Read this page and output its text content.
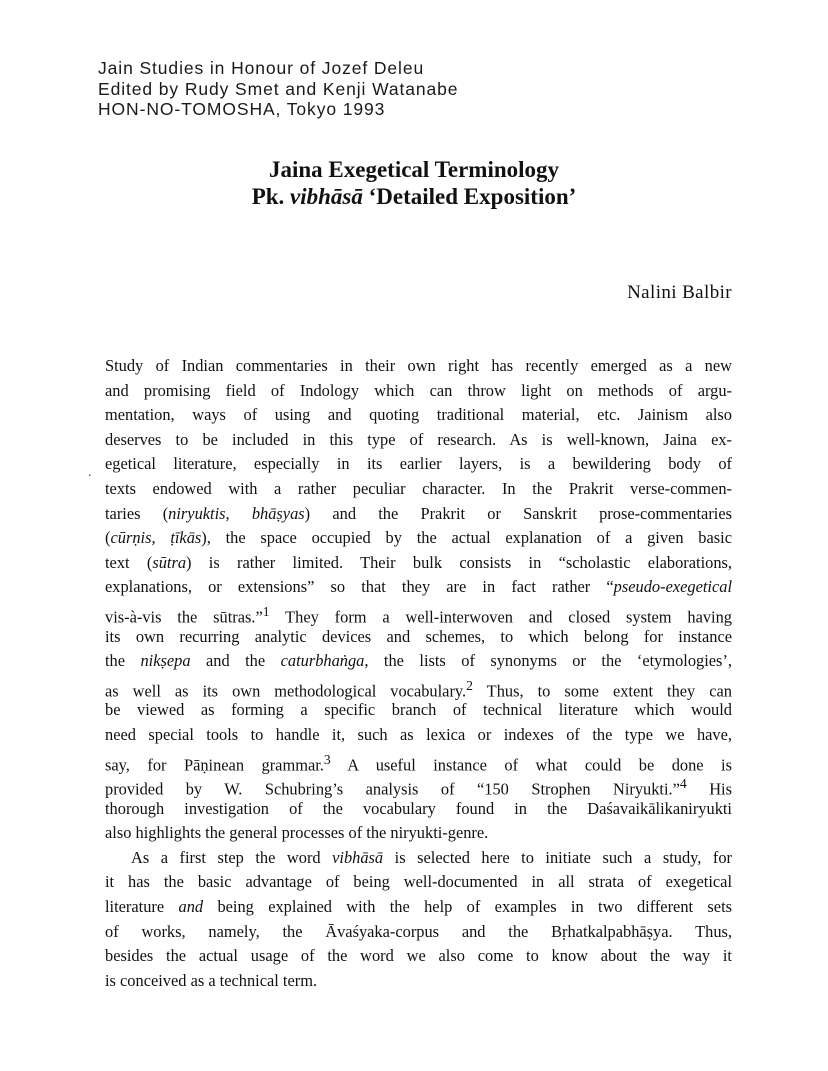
Jain Studies in Honour of Jozef Deleu
Edited by Rudy Smet and Kenji Watanabe
HON-NO-TOMOSHA, Tokyo 1993
Jaina Exegetical Terminology
Pk. vibhāsā ‘Detailed Exposition’
Nalini Balbir
.
Study of Indian commentaries in their own right has recently emerged as a new
and promising field of Indology which can throw light on methods of argu-
mentation, ways of using and quoting traditional material, etc. Jainism also
deserves to be included in this type of research. As is well-known, Jaina ex-
egetical literature, especially in its earlier layers, is a bewildering body of
texts endowed with a rather peculiar character. In the Prakrit verse-commen-
taries (niryuktis, bhāṣyas) and the Prakrit or Sanskrit prose-commentaries
(cūrṇis, ṭīkās), the space occupied by the actual explanation of a given basic
text (sūtra) is rather limited. Their bulk consists in “scholastic elaborations,
explanations, or extensions” so that they are in fact rather “pseudo-exegetical
vis-à-vis the sūtras.”$^1$ They form a well-interwoven and closed system having
its own recurring analytic devices and schemes, to which belong for instance
the nikṣepa and the caturbhaṅga, the lists of synonyms or the ‘etymologies’,
as well as its own methodological vocabulary.$^2$ Thus, to some extent they can
be viewed as forming a specific branch of technical literature which would
need special tools to handle it, such as lexica or indexes of the type we have,
say, for Pāṇinean grammar.$^3$ A useful instance of what could be done is
provided by W. Schubring’s analysis of “150 Strophen Niryukti.”$^4$ His
thorough investigation of the vocabulary found in the Daśavaikālikaniryukti
also highlights the general processes of the niryukti-genre.
As a first step the word vibhāsā is selected here to initiate such a study, for
it has the basic advantage of being well-documented in all strata of exegetical
literature and being explained with the help of examples in two different sets
of works, namely, the Āvaśyaka-corpus and the Bṛhatkalpabhāṣya. Thus,
besides the actual usage of the word we also come to know about the way it
is conceived as a technical term.
